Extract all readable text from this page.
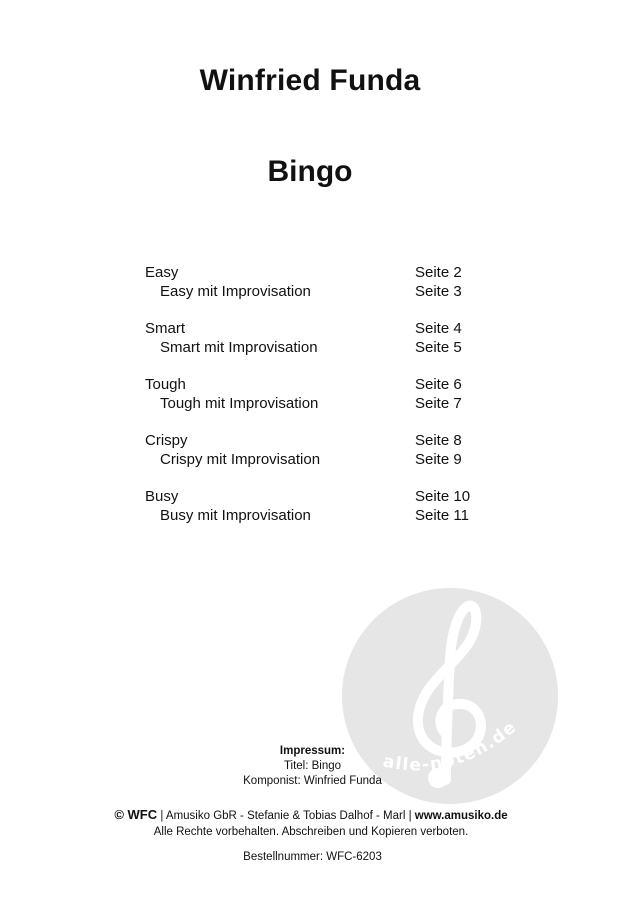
Winfried Funda
Bingo
Easy	Seite 2
Easy mit Improvisation	Seite 3
Smart	Seite 4
Smart mit Improvisation	Seite 5
Tough	Seite 6
Tough mit Improvisation	Seite 7
Crispy	Seite 8
Crispy mit Improvisation	Seite 9
Busy	Seite 10
Busy mit Improvisation	Seite 11
alle-noten.de
Impressum:
Titel: Bingo
Komponist: Winfried Funda
© WFC | Amusiko GbR - Stefanie & Tobias Dalhof - Marl | www.amusiko.de
Alle Rechte vorbehalten. Abschreiben und Kopieren verboten.
Bestellnummer: WFC-6203
